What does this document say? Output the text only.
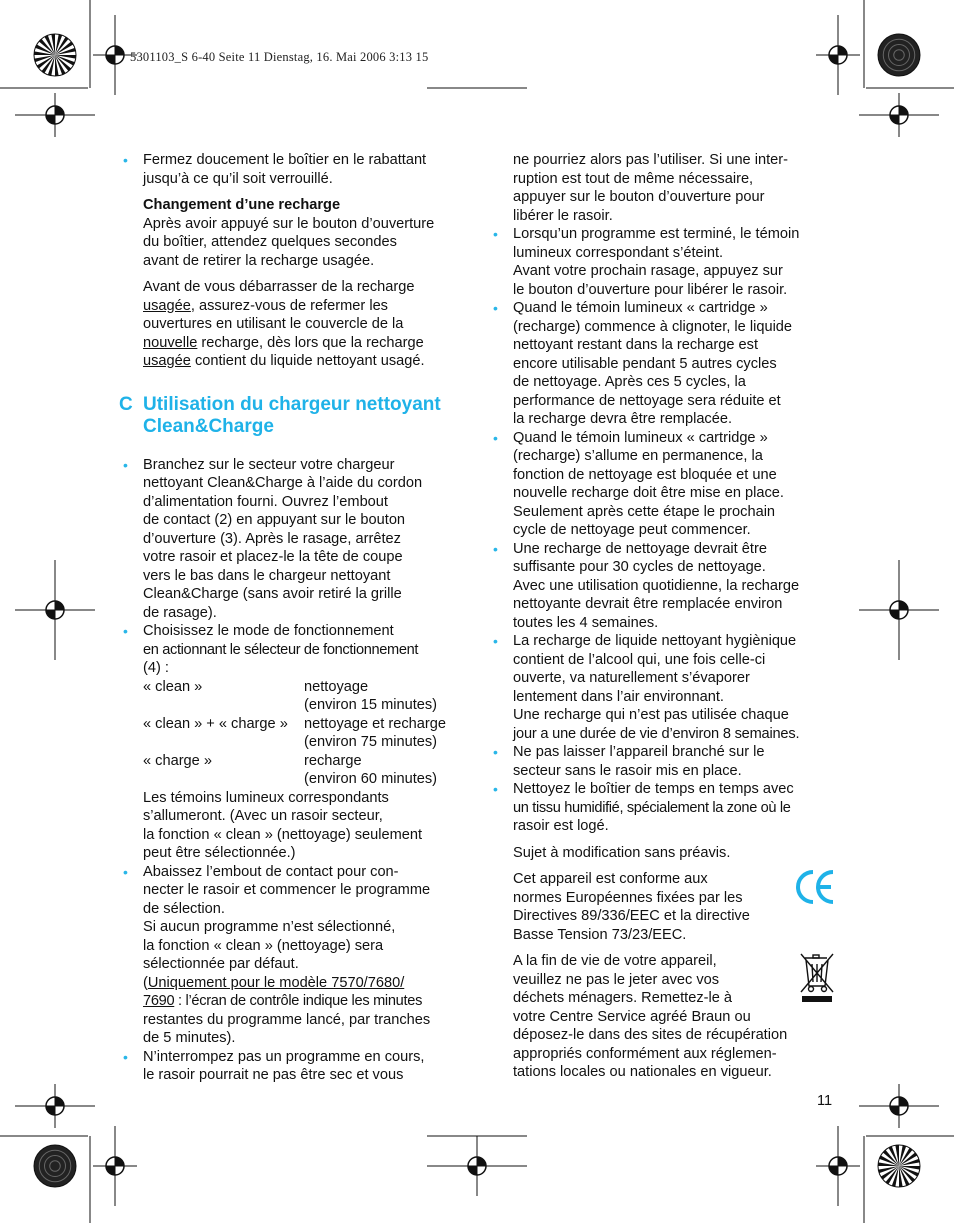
5301103_S 6-40 Seite 11 Dienstag, 16. Mai 2006 3:13 15
• Fermez doucement le boîtier en le rabattant
jusqu’à ce qu’il soit verrouillé.
Changement d’une recharge
Après avoir appuyé sur le bouton d’ouverture
du boîtier, attendez quelques secondes
avant de retirer la recharge usagée.
Avant de vous débarrasser de la recharge
usagée, assurez-vous de refermer les
ouvertures en utilisant le couvercle de la
nouvelle recharge, dès lors que la recharge
usagée contient du liquide nettoyant usagé.
C Utilisation du chargeur nettoyant
Clean&Charge
• Branchez sur le secteur votre chargeur
nettoyant Clean&Charge à l’aide du cordon
d’alimentation fourni. Ouvrez l’embout
de contact (2) en appuyant sur le bouton
d’ouverture (3). Après le rasage, arrêtez
votre rasoir et placez-le la tête de coupe
vers le bas dans le chargeur nettoyant
Clean&Charge (sans avoir retiré la grille
de rasage).
• Choisissez le mode de fonctionnement
en actionnant le sélecteur de fonctionnement
(4) :
« clean »	nettoyage
(environ 15 minutes)
« clean » + « charge »	nettoyage et recharge
(environ 75 minutes)
« charge »	recharge
(environ 60 minutes)
Les témoins lumineux correspondants
s’allumeront. (Avec un rasoir secteur,
la fonction « clean » (nettoyage) seulement
peut être sélectionnée.)
• Abaissez l’embout de contact pour con-
necter le rasoir et commencer le programme
de sélection.
Si aucun programme n’est sélectionné,
la fonction « clean » (nettoyage) sera
sélectionnée par défaut.
(Uniquement pour le modèle 7570/7680/
7690 : l’écran de contrôle indique les minutes
restantes du programme lancé, par tranches
de 5 minutes).
• N’interrompez pas un programme en cours,
le rasoir pourrait ne pas être sec et vous
ne pourriez alors pas l’utiliser. Si une inter-
ruption est tout de même nécessaire,
appuyer sur le bouton d’ouverture pour
libérer le rasoir.
• Lorsqu’un programme est terminé, le témoin
lumineux correspondant s’éteint.
Avant votre prochain rasage, appuyez sur
le bouton d’ouverture pour libérer le rasoir.
• Quand le témoin lumineux « cartridge »
(recharge) commence à clignoter, le liquide
nettoyant restant dans la recharge est
encore utilisable pendant 5 autres cycles
de nettoyage. Après ces 5 cycles, la
performance de nettoyage sera réduite et
la recharge devra être remplacée.
• Quand le témoin lumineux « cartridge »
(recharge) s’allume en permanence, la
fonction de nettoyage est bloquée et une
nouvelle recharge doit être mise en place.
Seulement après cette étape le prochain
cycle de nettoyage peut commencer.
• Une recharge de nettoyage devrait être
suffisante pour 30 cycles de nettoyage.
Avec une utilisation quotidienne, la recharge
nettoyante devrait être remplacée environ
toutes les 4 semaines.
• La recharge de liquide nettoyant hygiènique
contient de l’alcool qui, une fois celle-ci
ouverte, va naturellement s’évaporer
lentement dans l’air environnant.
Une recharge qui n’est pas utilisée chaque
jour a une durée de vie d’environ 8 semaines.
• Ne pas laisser l’appareil branché sur le
secteur sans le rasoir mis en place.
• Nettoyez le boîtier de temps en temps avec
un tissu humidifié, spécialement la zone où le
rasoir est logé.
Sujet à modification sans préavis.
Cet appareil est conforme aux
normes Européennes fixées par les
Directives 89/336/EEC et la directive
Basse Tension 73/23/EEC.
A la fin de vie de votre appareil,
veuillez ne pas le jeter avec vos
déchets ménagers. Remettez-le à
votre Centre Service agréé Braun ou
déposez-le dans des sites de récupération
appropriés conformément aux réglemen-
tations locales ou nationales en vigueur.
11
